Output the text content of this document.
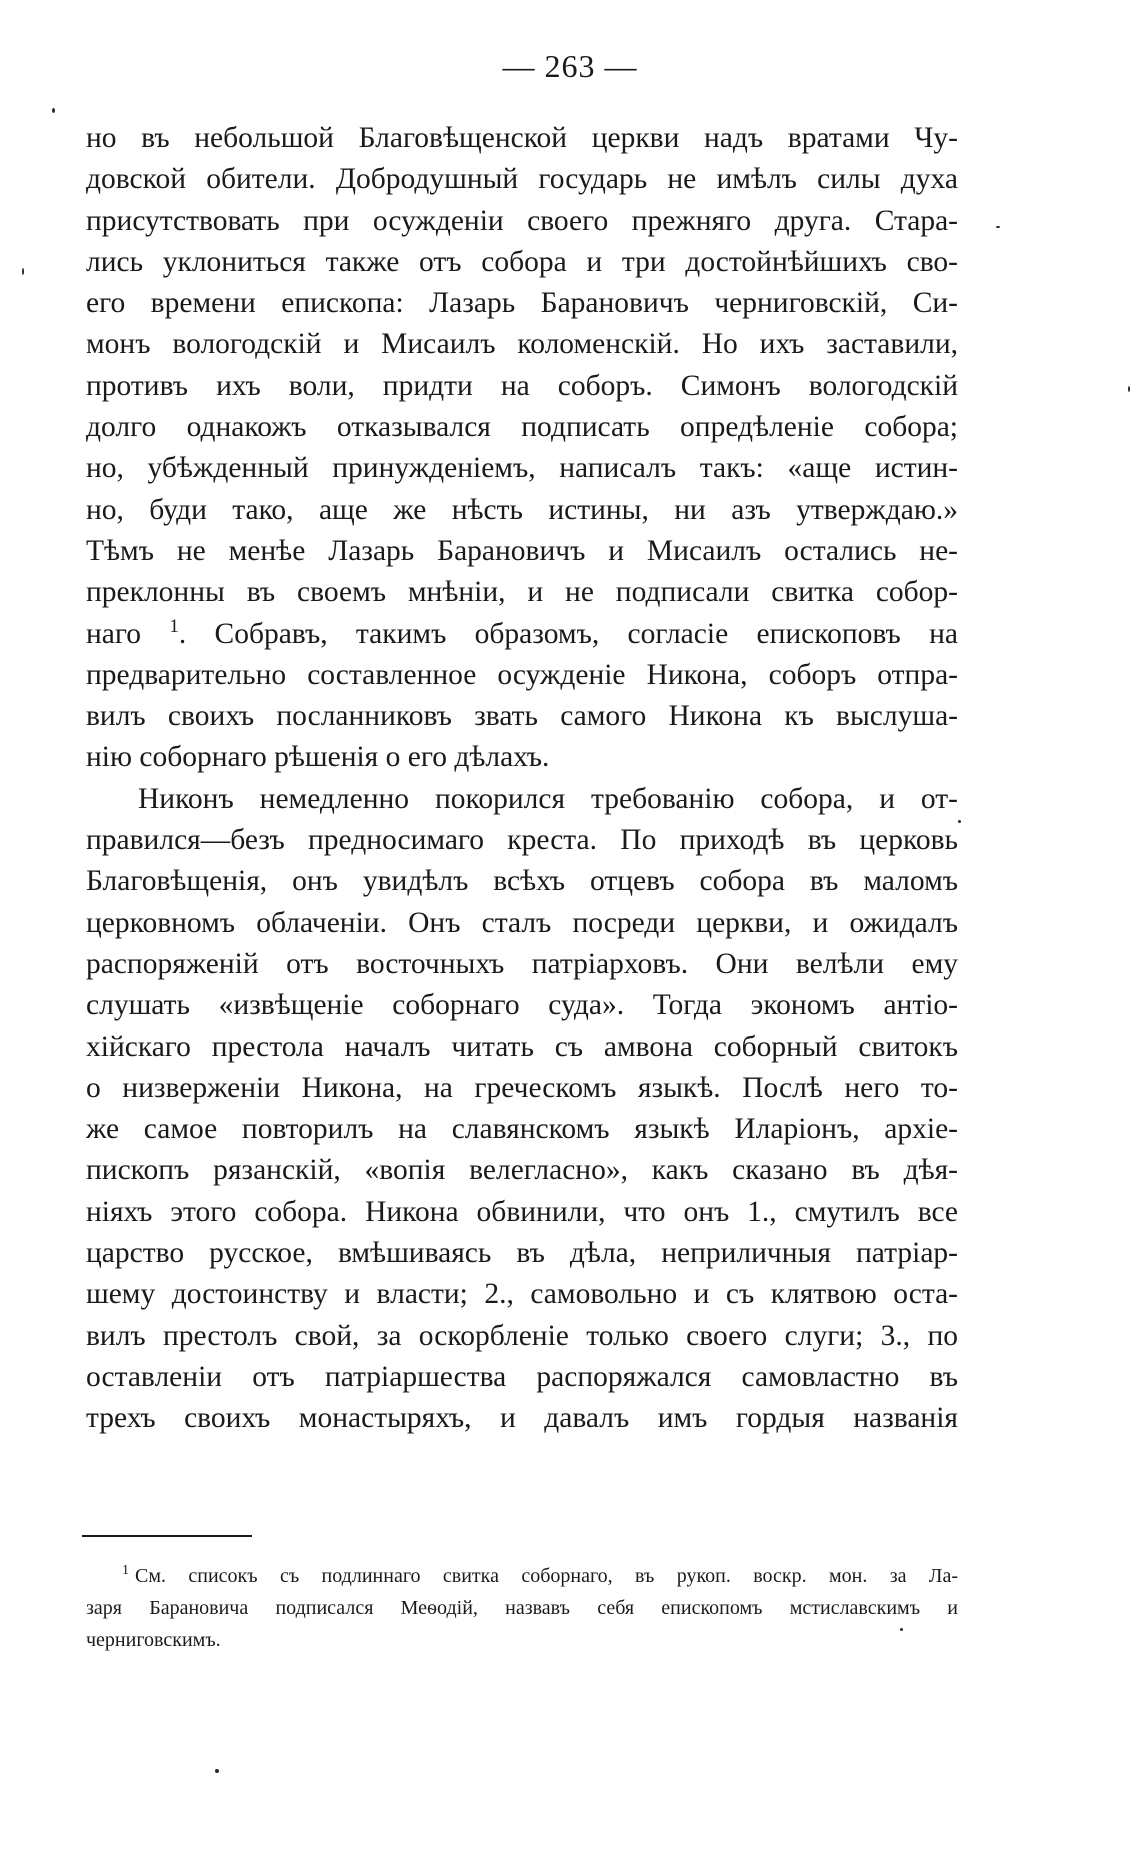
— 263 —
но въ небольшой Благовѣщенской церкви надъ вратами Чу-
довской обители. Добродушный государь не имѣлъ силы духа
присутствовать при осужденіи своего прежняго друга. Стара-
лись уклониться также отъ собора и три достойнѣйшихъ сво-
его времени епископа: Лазарь Барановичъ черниговскій, Си-
монъ вологодскій и Мисаилъ коломенскій. Но ихъ заставили,
противъ ихъ воли, придти на соборъ. Симонъ вологодскій
долго однакожъ отказывался подписать опредѣленіе собора;
но, убѣжденный принужденіемъ, написалъ такъ: «аще истин-
но, буди тако, аще же нѣсть истины, ни азъ утверждаю.»
Тѣмъ не менѣе Лазарь Барановичъ и Мисаилъ остались не-
преклонны въ своемъ мнѣніи, и не подписали свитка собор-
наго $^1$. Собравъ, такимъ образомъ, согласіе епископовъ на
предварительно составленное осужденіе Никона, соборъ отпра-
вилъ своихъ посланниковъ звать самого Никона къ выслуша-
нію соборнаго рѣшенія о его дѣлахъ.
Никонъ немедленно покорился требованію собора, и от-
правился—безъ предносимаго креста. По приходѣ въ церковь
Благовѣщенія, онъ увидѣлъ всѣхъ отцевъ собора въ маломъ
церковномъ облаченіи. Онъ сталъ посреди церкви, и ожидалъ
распоряженій отъ восточныхъ патріарховъ. Они велѣли ему
слушать «извѣщеніе соборнаго суда». Тогда экономъ антіо-
хійскаго престола началъ читать съ амвона соборный свитокъ
о низверженіи Никона, на греческомъ языкѣ. Послѣ него то-
же самое повторилъ на славянскомъ языкѣ Иларіонъ, архіе-
пископъ рязанскій, «вопія велегласно», какъ сказано въ дѣя-
ніяхъ этого собора. Никона обвинили, что онъ 1., смутилъ все
царство русское, вмѣшиваясь въ дѣла, неприличныя патріар-
шему достоинству и власти; 2., самовольно и съ клятвою оста-
вилъ престолъ свой, за оскорбленіе только своего слуги; 3., по
оставленіи отъ патріаршества распоряжался самовластно въ
трехъ своихъ монастыряхъ, и давалъ имъ гордыя названія
$^1$ См. списокъ съ подлиннаго свитка соборнаго, въ рукоп. воскр. мон. за Ла-
заря Барановича подписался Меѳодій, назвавъ себя епископомъ мстиславскимъ и
черниговскимъ.
